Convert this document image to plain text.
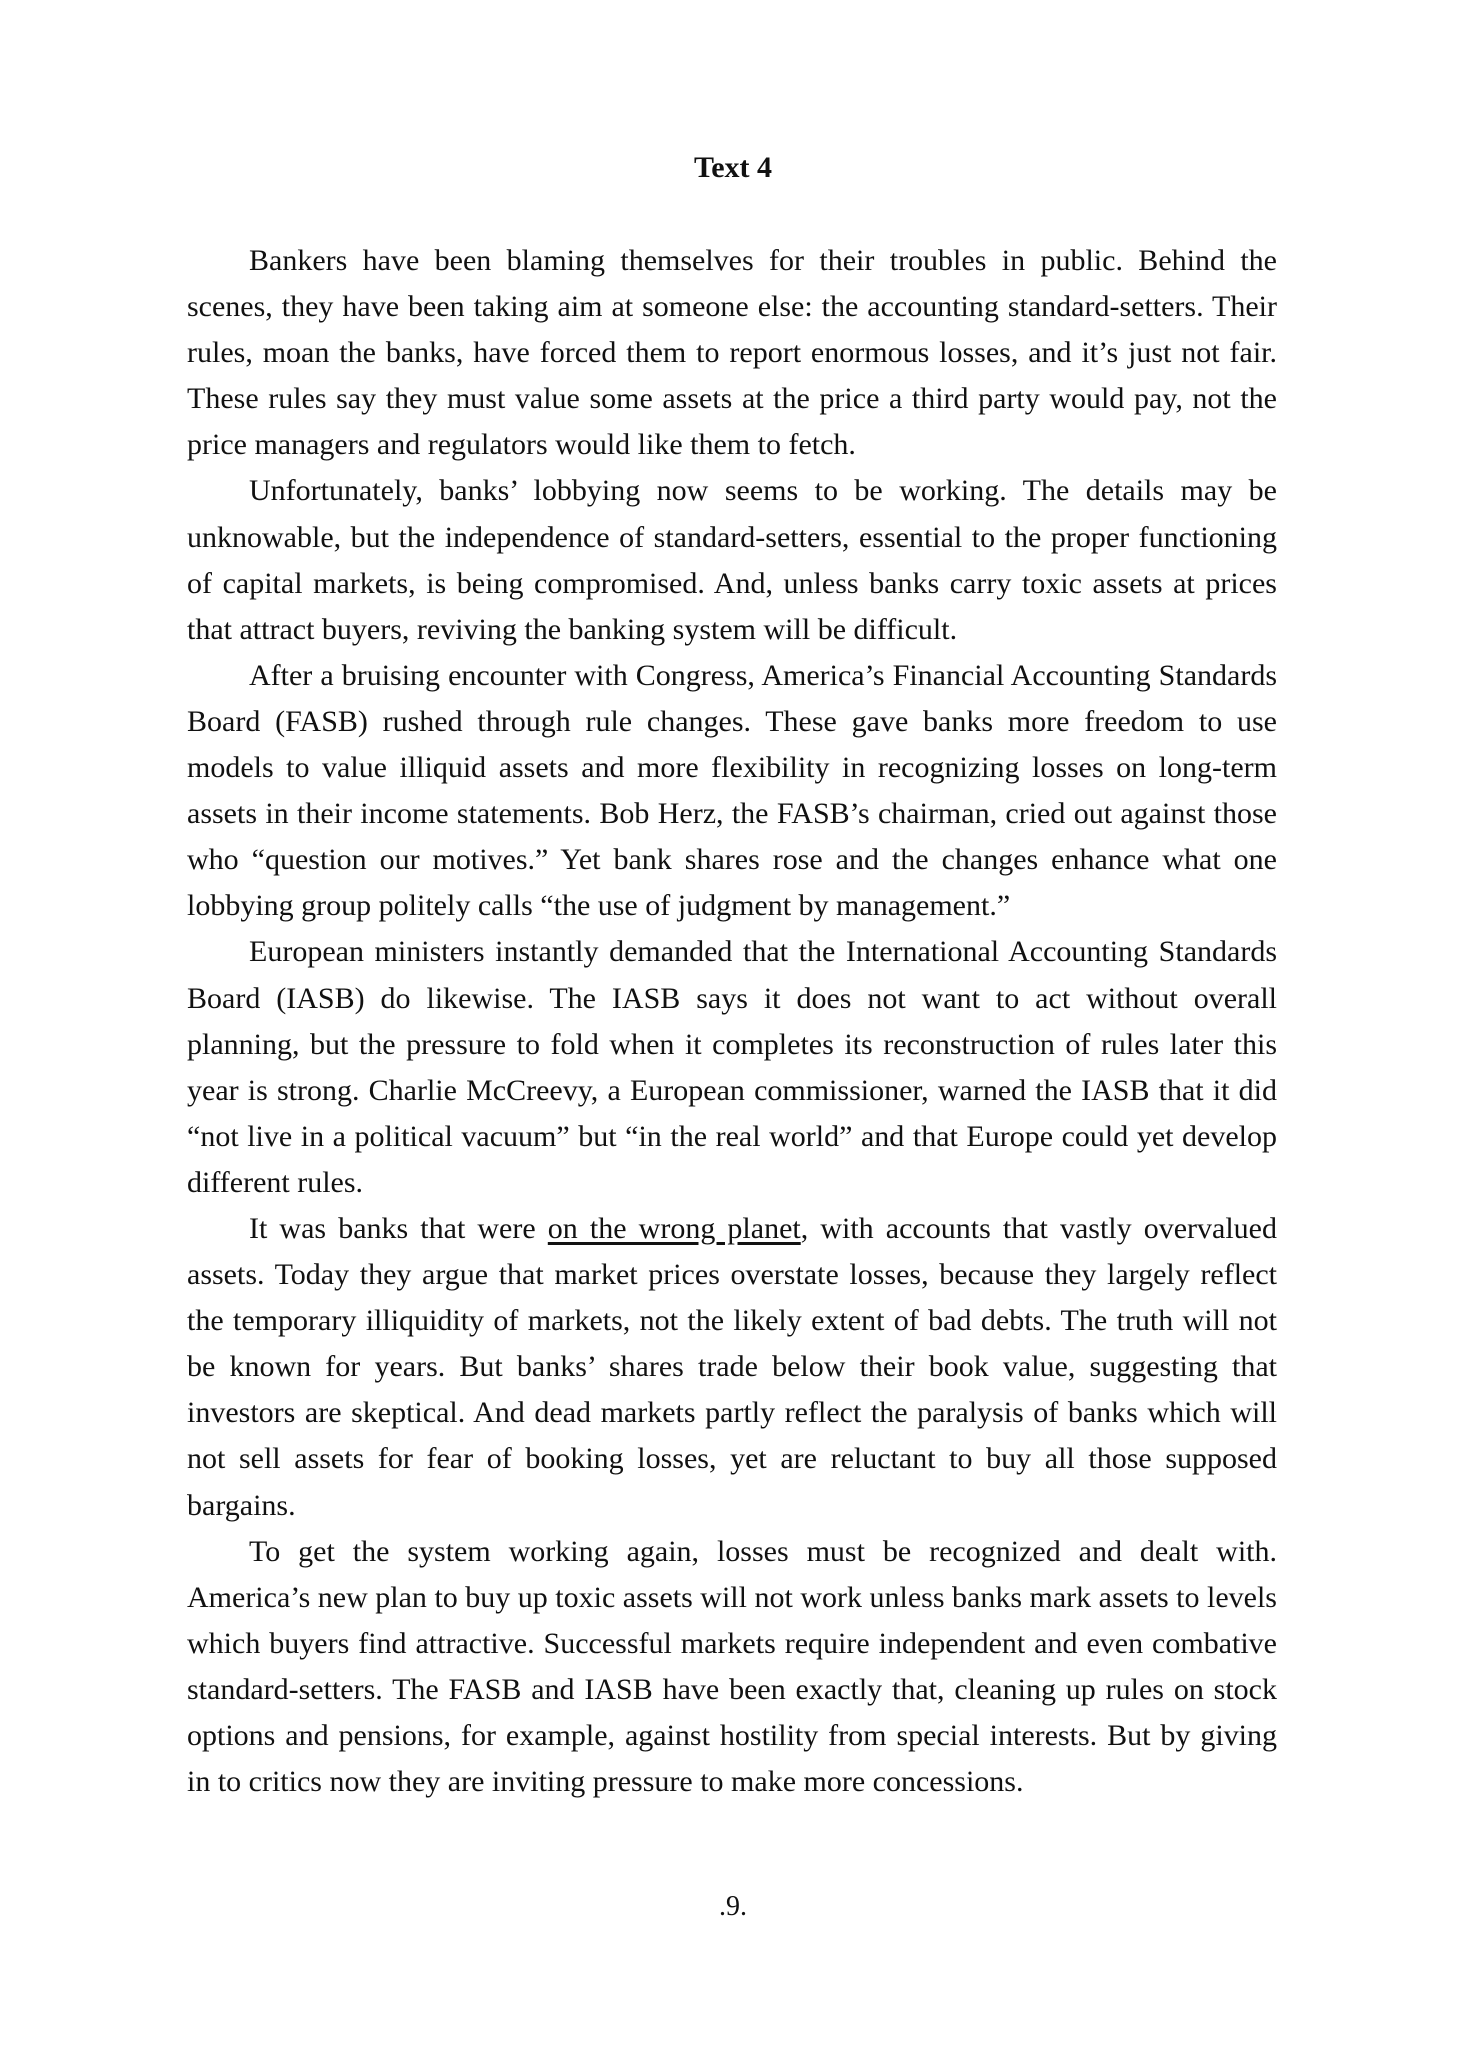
Text 4

Bankers have been blaming themselves for their troubles in public. Behind the scenes, they have been taking aim at someone else: the accounting standard-setters. Their rules, moan the banks, have forced them to report enormous losses, and it’s just not fair. These rules say they must value some assets at the price a third party would pay, not the price managers and regulators would like them to fetch.

Unfortunately, banks’ lobbying now seems to be working. The details may be unknowable, but the independence of standard-setters, essential to the proper functioning of capital markets, is being compromised. And, unless banks carry toxic assets at prices that attract buyers, reviving the banking system will be difficult.

After a bruising encounter with Congress, America’s Financial Accounting Standards Board (FASB) rushed through rule changes. These gave banks more freedom to use models to value illiquid assets and more flexibility in recognizing losses on long-term assets in their income statements. Bob Herz, the FASB’s chairman, cried out against those who “question our motives.” Yet bank shares rose and the changes enhance what one lobbying group politely calls “the use of judgment by management.”

European ministers instantly demanded that the International Accounting Standards Board (IASB) do likewise. The IASB says it does not want to act without overall planning, but the pressure to fold when it completes its reconstruction of rules later this year is strong. Charlie McCreevy, a European commissioner, warned the IASB that it did “not live in a political vacuum” but “in the real world” and that Europe could yet develop different rules.

It was banks that were on the wrong planet, with accounts that vastly overvalued assets. Today they argue that market prices overstate losses, because they largely reflect the temporary illiquidity of markets, not the likely extent of bad debts. The truth will not be known for years. But banks’ shares trade below their book value, suggesting that investors are skeptical. And dead markets partly reflect the paralysis of banks which will not sell assets for fear of booking losses, yet are reluctant to buy all those supposed bargains.

To get the system working again, losses must be recognized and dealt with. America’s new plan to buy up toxic assets will not work unless banks mark assets to levels which buyers find attractive. Successful markets require independent and even combative standard-setters. The FASB and IASB have been exactly that, cleaning up rules on stock options and pensions, for example, against hostility from special interests. But by giving in to critics now they are inviting pressure to make more concessions.

.9.
